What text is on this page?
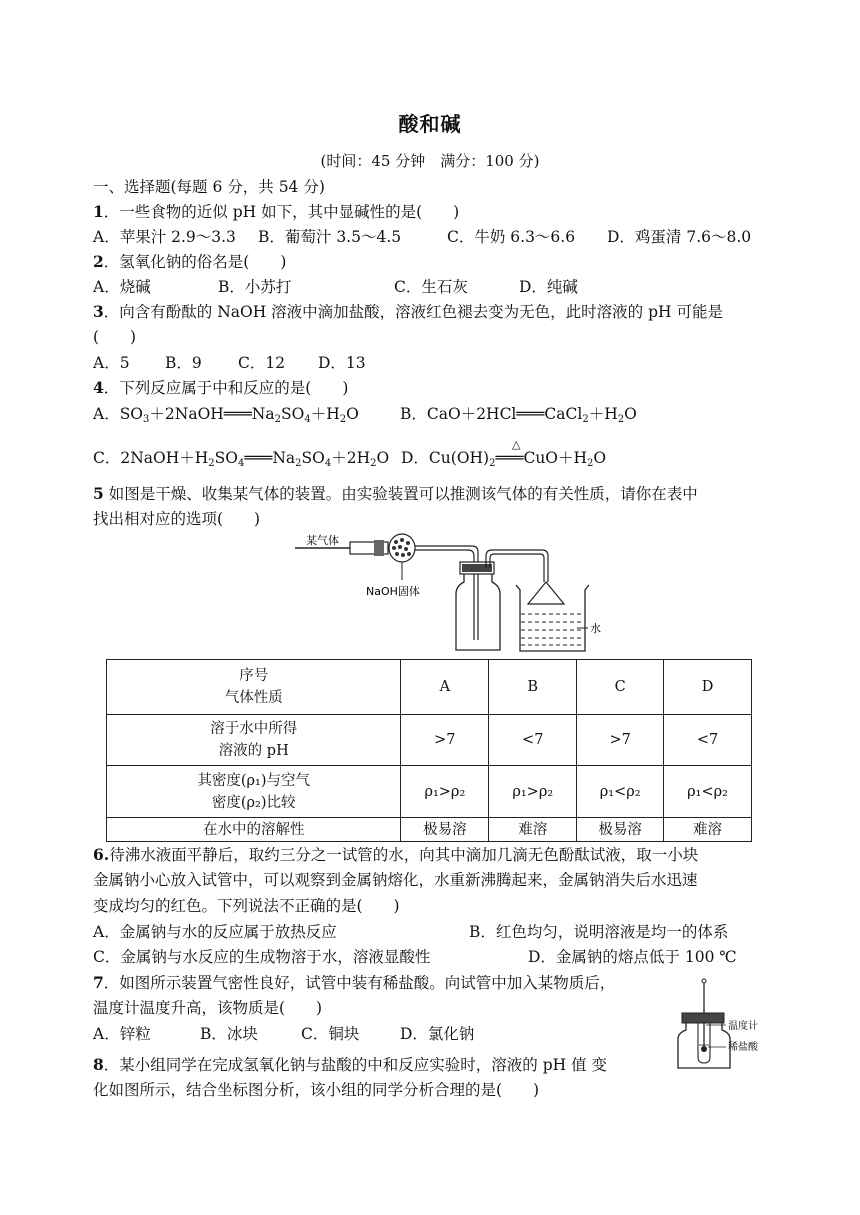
酸和碱
(时间：45 分钟　满分：100 分)
一、选择题(每题 6 分，共 54 分)
1．一些食物的近似 pH 如下，其中显碱性的是(　　)
A．苹果汁 2.9～3.3 B．葡萄汁 3.5～4.5	C．牛奶 6.3～6.6 D．鸡蛋清 7.6～8.0
2．氢氧化钠的俗名是(　　)
A．烧碱	B．小苏打	C．生石灰	D．纯碱
3．向含有酚酞的 NaOH 溶液中滴加盐酸，溶液红色褪去变为无色，此时溶液的 pH 可能是
(　　)
A．5 B．9 C．12 D．13
4．下列反应属于中和反应的是(　　)
A．$SO_3+2NaOH═══Na_2SO_4+H_2O$	B．$CaO+2HCl═══CaCl_2+H_2O$
△
C．$2NaOH+H_2SO_4═══Na_2SO_4+2H_2O$ D．$Cu(OH)_2═══CuO+H_2O$
5 如图是干燥、收集某气体的装置。由实验装置可以推测该气体的有关性质，请你在表中
找出相对应的选项(　　)
某气体
NaOH固体
水
序号
气体性质	A	B	C	D

溶于水中所得
溶液的 pH	>7	<7	>7	<7

其密度(ρ₁)与空气
密度(ρ₂)比较	ρ₁>ρ₂	ρ₁>ρ₂	ρ₁<ρ₂	ρ₁<ρ₂
在水中的溶解性	极易溶	难溶	极易溶	难溶
6.待沸水液面平静后，取约三分之一试管的水，向其中滴加几滴无色酚酞试液，取一小块
金属钠小心放入试管中，可以观察到金属钠熔化，水重新沸腾起来，金属钠消失后水迅速
变成均匀的红色。下列说法不正确的是(　　)
A．金属钠与水的反应属于放热反应	B．红色均匀，说明溶液是均一的体系
C．金属钠与水反应的生成物溶于水，溶液显酸性	D．金属钠的熔点低于 100 ℃
7．如图所示装置气密性良好，试管中装有稀盐酸。向试管中加入某物质后，
温度计温度升高，该物质是(　　)
A．锌粒	B．冰块	C．铜块	D．氯化钠	温度计
稀盐酸
8．某小组同学在完成氢氧化钠与盐酸的中和反应实验时，溶液的 pH 值 变
化如图所示，结合坐标图分析，该小组的同学分析合理的是(　　)
